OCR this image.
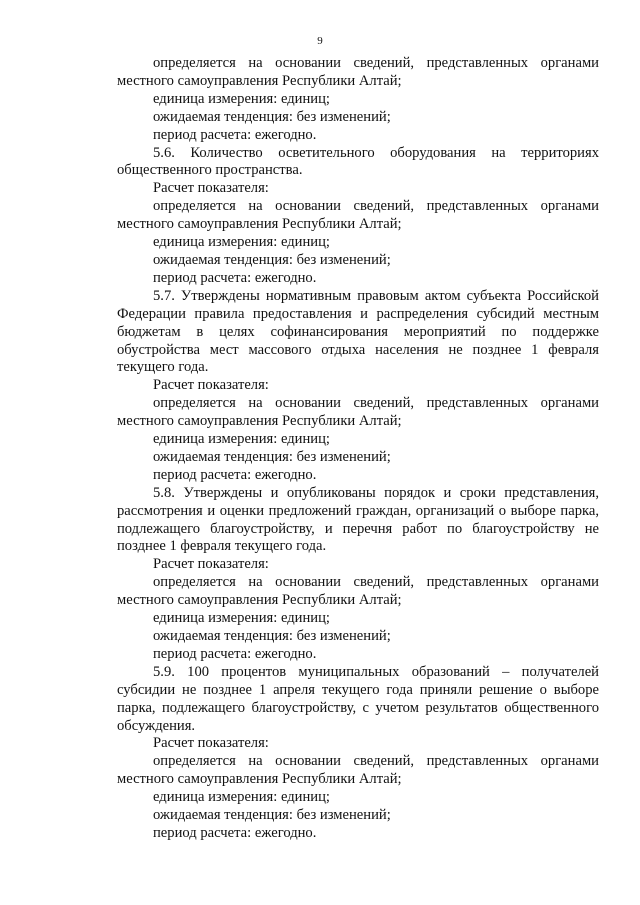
9

определяется на основании сведений, представленных органами местного самоуправления Республики Алтай;

единица измерения: единиц;

ожидаемая тенденция: без изменений;

период расчета: ежегодно.

5.6. Количество осветительного оборудования на территориях общественного пространства.

Расчет показателя:

определяется на основании сведений, представленных органами местного самоуправления Республики Алтай;

единица измерения: единиц;

ожидаемая тенденция: без изменений;

период расчета: ежегодно.

5.7. Утверждены нормативным правовым актом субъекта Российской Федерации правила предоставления и распределения субсидий местным бюджетам в целях софинансирования мероприятий по поддержке обустройства мест массового отдыха населения не позднее 1 февраля текущего года.

Расчет показателя:

определяется на основании сведений, представленных органами местного самоуправления Республики Алтай;

единица измерения: единиц;

ожидаемая тенденция: без изменений;

период расчета: ежегодно.

5.8. Утверждены и опубликованы порядок и сроки представления, рассмотрения и оценки предложений граждан, организаций о выборе парка, подлежащего благоустройству, и перечня работ по благоустройству не позднее 1 февраля текущего года.

Расчет показателя:

определяется на основании сведений, представленных органами местного самоуправления Республики Алтай;

единица измерения: единиц;

ожидаемая тенденция: без изменений;

период расчета: ежегодно.

5.9. 100 процентов муниципальных образований – получателей субсидии не позднее 1 апреля текущего года приняли решение о выборе парка, подлежащего благоустройству, с учетом результатов общественного обсуждения.

Расчет показателя:

определяется на основании сведений, представленных органами местного самоуправления Республики Алтай;

единица измерения: единиц;

ожидаемая тенденция: без изменений;

период расчета: ежегодно.
